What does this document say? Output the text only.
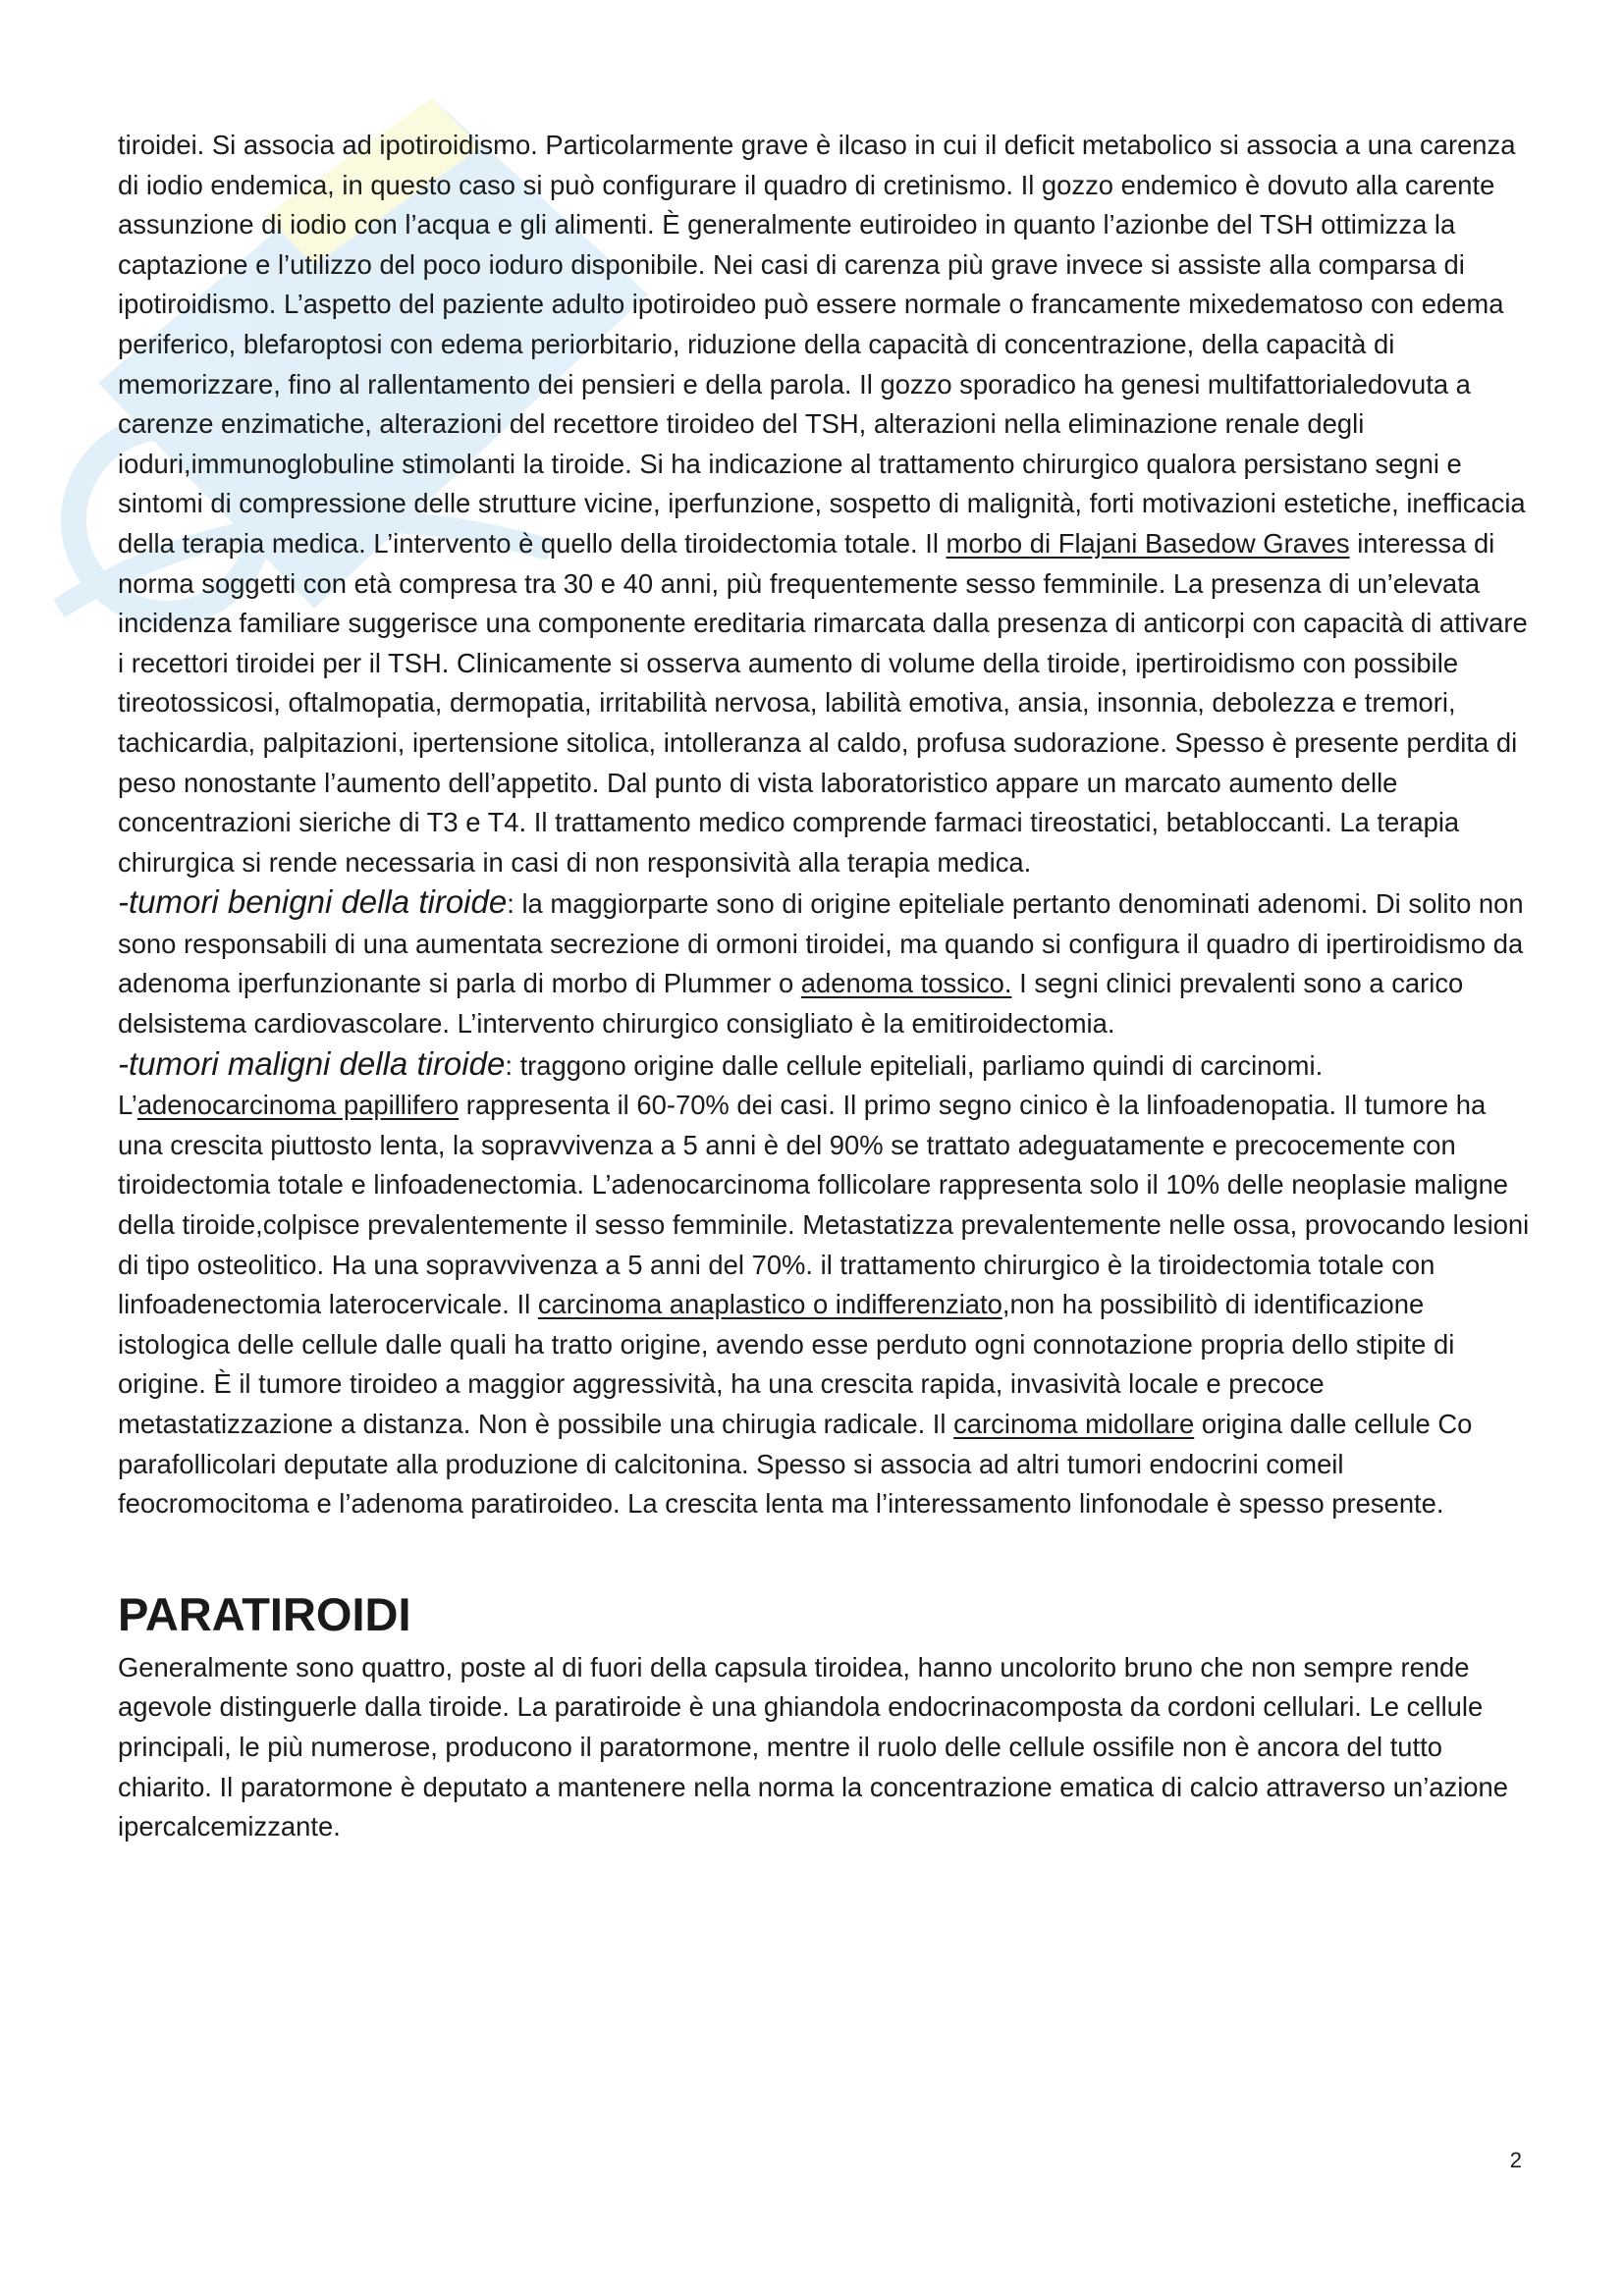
tiroidei. Si associa ad ipotiroidismo. Particolarmente grave è ilcaso in cui il deficit metabolico si associa a una carenza di iodio endemica, in questo caso si può configurare il quadro di cretinismo. Il gozzo endemico è dovuto alla carente assunzione di iodio con l’acqua e gli alimenti. È generalmente eutiroideo in quanto l’azionbe del TSH ottimizza la captazione e l’utilizzo del poco ioduro disponibile. Nei casi di carenza più grave invece si assiste alla comparsa di ipotiroidismo. L’aspetto del paziente adulto ipotiroideo può essere normale o francamente mixedematoso con edema periferico, blefaroptosi con edema periorbitario, riduzione della capacità di concentrazione, della capacità di memorizzare, fino al rallentamento dei pensieri e della parola. Il gozzo sporadico ha genesi multifattorialedovuta a carenze enzimatiche, alterazioni del recettore tiroideo del TSH, alterazioni nella eliminazione renale degli ioduri,immunoglobuline stimolanti la tiroide. Si ha indicazione al trattamento chirurgico qualora persistano segni e sintomi di compressione delle strutture vicine, iperfunzione, sospetto di malignità, forti motivazioni estetiche, inefficacia della terapia medica. L’intervento è quello della tiroidectomia totale. Il morbo di Flajani Basedow Graves interessa di norma soggetti con età compresa tra 30 e 40 anni, più frequentemente sesso femminile. La presenza di un’elevata incidenza familiare suggerisce una componente ereditaria rimarcata dalla presenza di anticorpi con capacità di attivare i recettori tiroidei per il TSH. Clinicamente si osserva aumento di volume della tiroide, ipertiroidismo con possibile tireotossicosi, oftalmopatia, dermopatia, irritabilità nervosa, labilità emotiva, ansia, insonnia, debolezza e tremori, tachicardia, palpitazioni, ipertensione sitolica, intolleranza al caldo, profusa sudorazione. Spesso è presente perdita di peso nonostante l’aumento dell’appetito. Dal punto di vista laboratoristico appare un marcato aumento delle concentrazioni sieriche di T3 e T4. Il trattamento medico comprende farmaci tireostatici, betabloccanti. La terapia chirurgica si rende necessaria in casi di non responsività alla terapia medica.

-tumori benigni della tiroide: la maggiorparte sono di origine epiteliale pertanto denominati adenomi. Di solito non sono responsabili di una aumentata secrezione di ormoni tiroidei, ma quando si configura il quadro di ipertiroidismo da adenoma iperfunzionante si parla di morbo di Plummer o adenoma tossico. I segni clinici prevalenti sono a carico delsistema cardiovascolare. L’intervento chirurgico consigliato è la emitiroidectomia.

-tumori maligni della tiroide: traggono origine dalle cellule epiteliali, parliamo quindi di carcinomi. L’adenocarcinoma papillifero rappresenta il 60-70% dei casi. Il primo segno cinico è la linfoadenopatia. Il tumore ha una crescita piuttosto lenta, la sopravvivenza a 5 anni è del 90% se trattato adeguatamente e precocemente con tiroidectomia totale e linfoadenectomia. L’adenocarcinoma follicolare rappresenta solo il 10% delle neoplasie maligne della tiroide,colpisce prevalentemente il sesso femminile. Metastatizza prevalentemente nelle ossa, provocando lesioni di tipo osteolitico. Ha una sopravvivenza a 5 anni del 70%. il trattamento chirurgico è la tiroidectomia totale con linfoadenectomia laterocervicale. Il carcinoma anaplastico o indifferenziato,non ha possibilitò di identificazione istologica delle cellule dalle quali ha tratto origine, avendo esse perduto ogni connotazione propria dello stipite di origine. È il tumore tiroideo a maggior aggressività, ha una crescita rapida, invasività locale e precoce metastatizzazione a distanza. Non è possibile una chirugia radicale. Il carcinoma midollare origina dalle cellule Co parafollicolari deputate alla produzione di calcitonina. Spesso si associa ad altri tumori endocrini comeil feocromocitoma e l’adenoma paratiroideo. La crescita lenta ma l’interessamento linfonodale è spesso presente.

PARATIROIDI

Generalmente sono quattro, poste al di fuori della capsula tiroidea, hanno uncolorito bruno che non sempre rende agevole distinguerle dalla tiroide. La paratiroide è una ghiandola endocrinacomposta da cordoni cellulari. Le cellule principali, le più numerose, producono il paratormone, mentre il ruolo delle cellule ossifile non è ancora del tutto chiarito. Il paratormone è deputato a mantenere nella norma la concentrazione ematica di calcio attraverso un’azione ipercalcemizzante.

2
